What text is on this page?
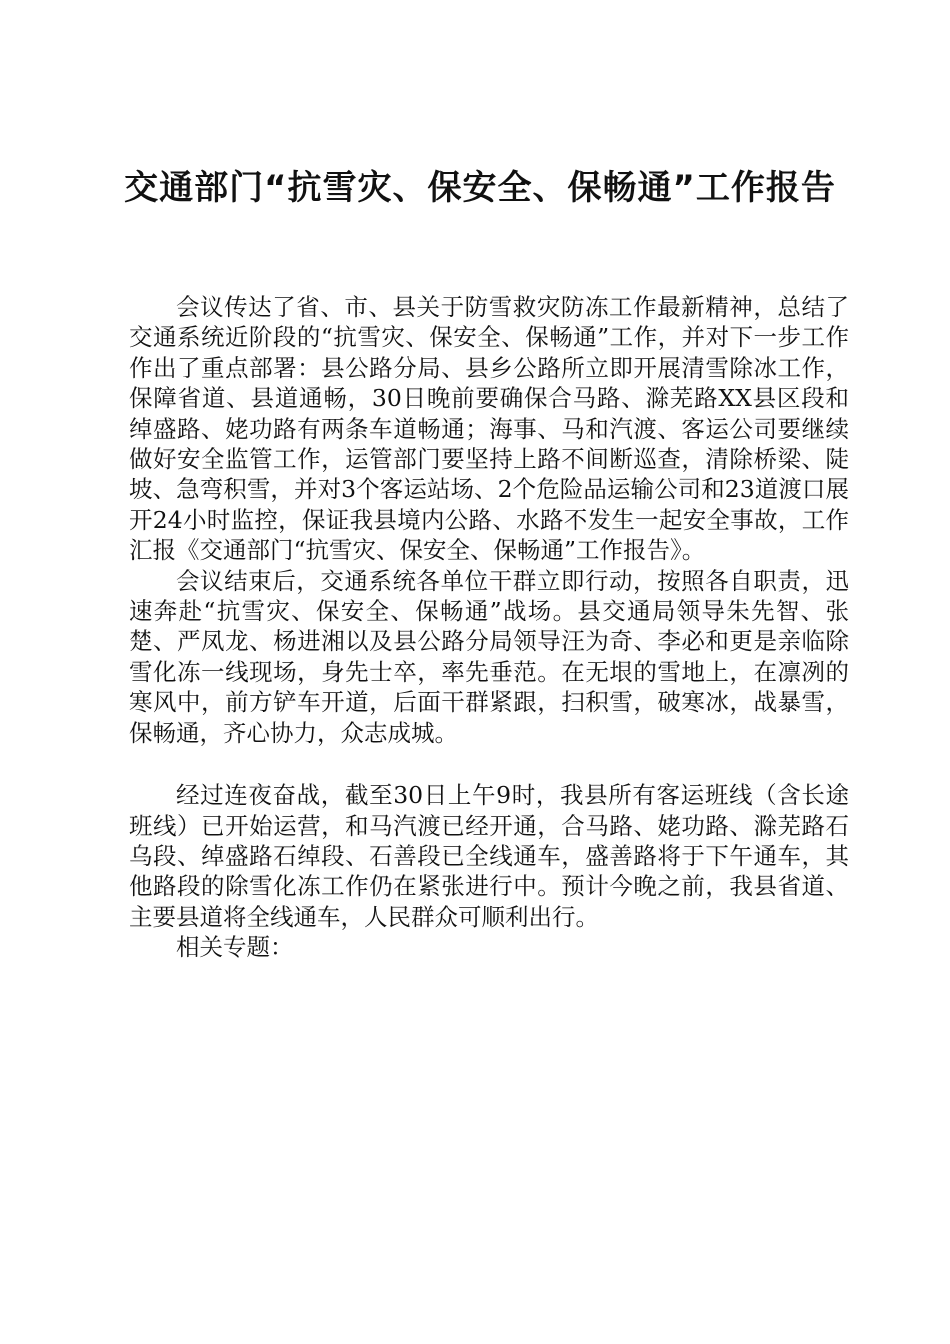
交通部门“抗雪灾、保安全、保畅通”工作报告

会议传达了省、市、县关于防雪救灾防冻工作最新精神，总结了交通系统近阶段的“抗雪灾、保安全、保畅通”工作，并对下一步工作作出了重点部署：县公路分局、县乡公路所立即开展清雪除冰工作，保障省道、县道通畅，30日晚前要确保合马路、滁芜路XX县区段和绰盛路、姥功路有两条车道畅通；海事、马和汽渡、客运公司要继续做好安全监管工作，运管部门要坚持上路不间断巡查，清除桥梁、陡坡、急弯积雪，并对3个客运站场、2个危险品运输公司和23道渡口展开24小时监控，保证我县境内公路、水路不发生一起安全事故，工作汇报《交通部门“抗雪灾、保安全、保畅通”工作报告》。

会议结束后，交通系统各单位干群立即行动，按照各自职责，迅速奔赴“抗雪灾、保安全、保畅通”战场。县交通局领导朱先智、张楚、严凤龙、杨进湘以及县公路分局领导汪为奇、李必和更是亲临除雪化冻一线现场，身先士卒，率先垂范。在无垠的雪地上，在凛冽的寒风中，前方铲车开道，后面干群紧跟，扫积雪，破寒冰，战暴雪，保畅通，齐心协力，众志成城。

经过连夜奋战，截至30日上午9时，我县所有客运班线（含长途班线）已开始运营，和马汽渡已经开通，合马路、姥功路、滁芜路石乌段、绰盛路石绰段、石善段已全线通车，盛善路将于下午通车，其他路段的除雪化冻工作仍在紧张进行中。预计今晚之前，我县省道、主要县道将全线通车，人民群众可顺利出行。

相关专题：
